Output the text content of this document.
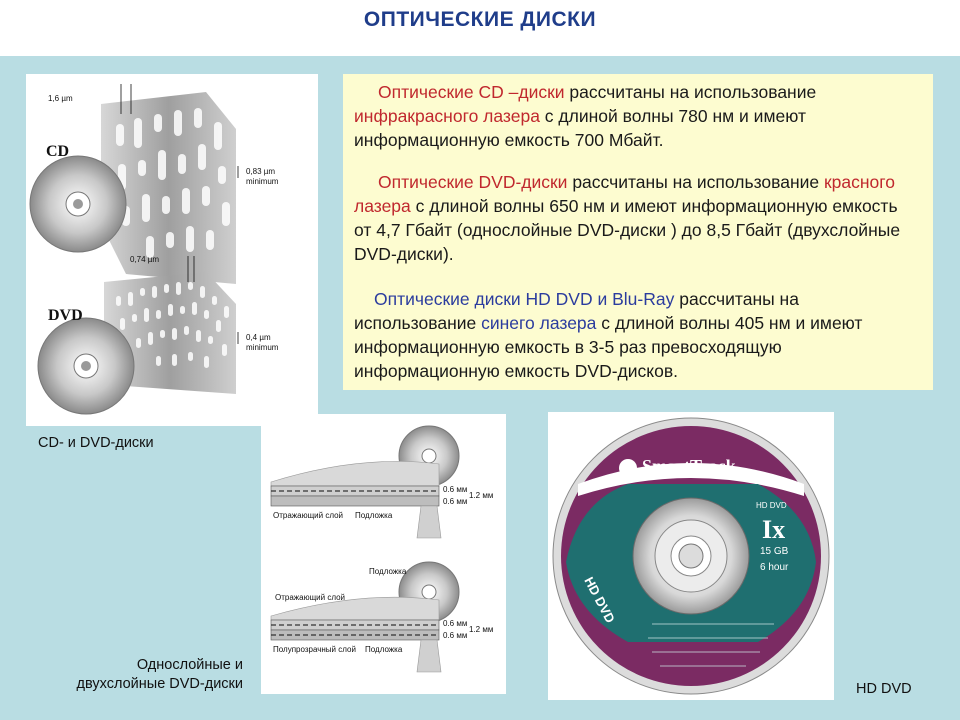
ОПТИЧЕСКИЕ ДИСКИ
CD
1,6 µm
0,83 µm
minimum
DVD
0,74 µm
0,4 µm
minimum
Оптические CD –диски рассчитаны на использование инфракрасного лазера с длиной волны 780 нм и имеют информационную емкость 700 Мбайт.
Оптические DVD-диски рассчитаны на использование красного лазера с длиной волны 650 нм и имеют информационную емкость от 4,7 Гбайт (однослойные DVD-диски ) до 8,5 Гбайт (двухслойные DVD-диски).
Оптические диски HD DVD и Blu-Ray рассчитаны на использование синего лазера с длиной волны 405 нм и имеют информационную емкость в 3-5 раз превосходящую информационную емкость DVD-дисков.
CD- и DVD-диски
0.6 мм
0.6 мм
1.2 мм
Отражающий слой Подложка
Подложка
Отражающий слой
0.6 мм
0.6 мм
1.2 мм
Полупрозрачный слой Подложка
Однослойные и
двухслойные DVD-диски
SmartTrack
HD DVD
Ix
15 GB
6 hour
HD DVD
HD DVD
